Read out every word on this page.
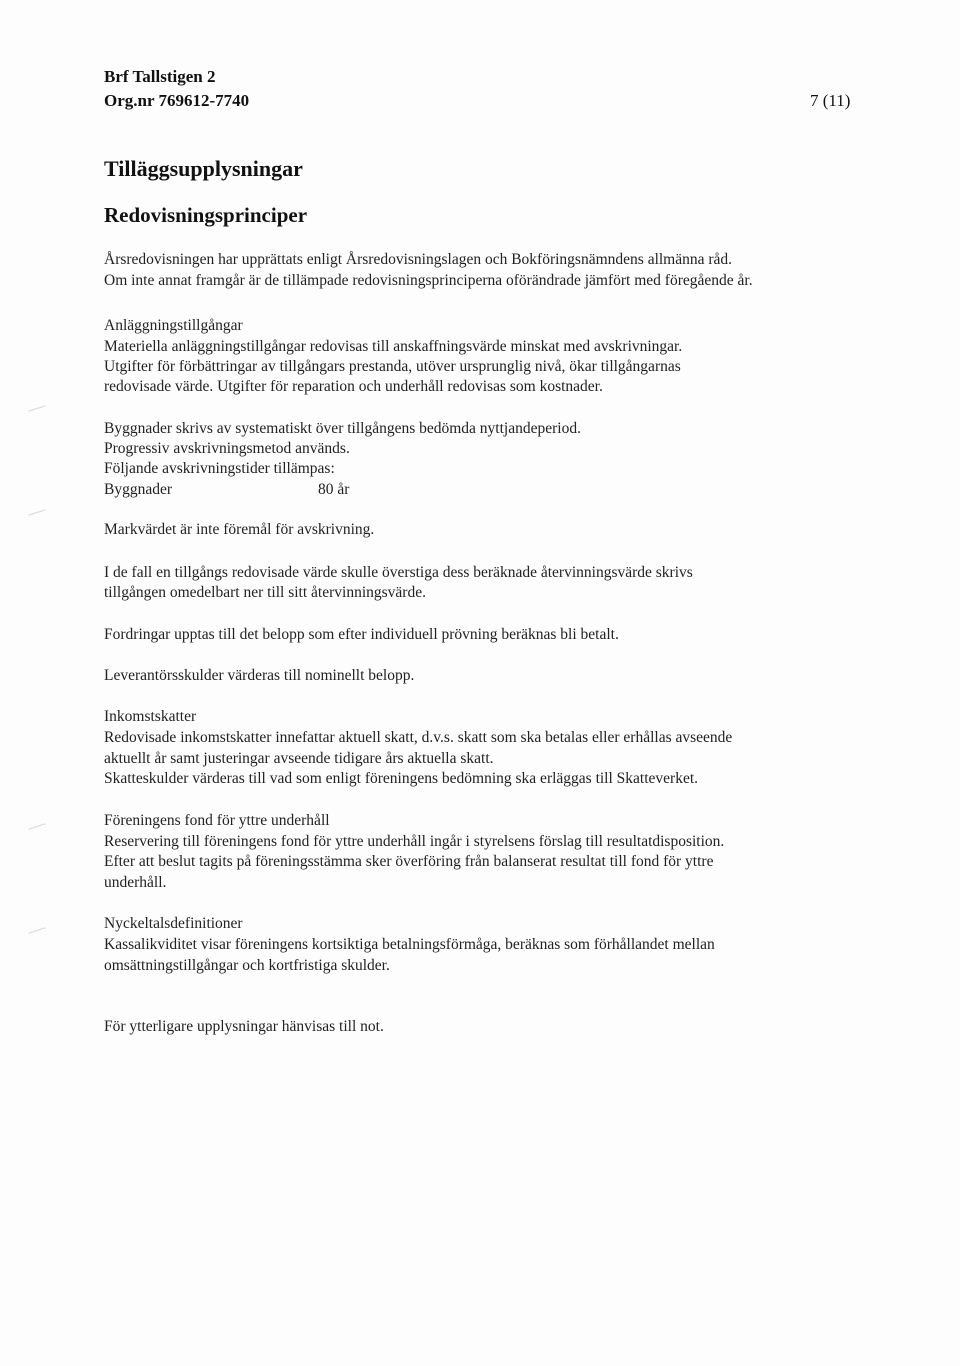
Brf Tallstigen 2
Org.nr 769612-7740	7 (11)
Tilläggsupplysningar
Redovisningsprinciper
Årsredovisningen har upprättats enligt Årsredovisningslagen och Bokföringsnämndens allmänna råd.
Om inte annat framgår är de tillämpade redovisningsprinciperna oförändrade jämfört med föregående år.
Anläggningstillgångar
Materiella anläggningstillgångar redovisas till anskaffningsvärde minskat med avskrivningar.
Utgifter för förbättringar av tillgångars prestanda, utöver ursprunglig nivå, ökar tillgångarnas
redovisade värde. Utgifter för reparation och underhåll redovisas som kostnader.
Byggnader skrivs av systematiskt över tillgångens bedömda nyttjandeperiod.
Progressiv avskrivningsmetod används.
Följande avskrivningstider tillämpas:
Byggnader	80 år
Markvärdet är inte föremål för avskrivning.
I de fall en tillgångs redovisade värde skulle överstiga dess beräknade återvinningsvärde skrivs
tillgången omedelbart ner till sitt återvinningsvärde.
Fordringar upptas till det belopp som efter individuell prövning beräknas bli betalt.
Leverantörsskulder värderas till nominellt belopp.
Inkomstskatter
Redovisade inkomstskatter innefattar aktuell skatt, d.v.s. skatt som ska betalas eller erhållas avseende
aktuellt år samt justeringar avseende tidigare års aktuella skatt.
Skatteskulder värderas till vad som enligt föreningens bedömning ska erläggas till Skatteverket.
Föreningens fond för yttre underhåll
Reservering till föreningens fond för yttre underhåll ingår i styrelsens förslag till resultatdisposition.
Efter att beslut tagits på föreningsstämma sker överföring från balanserat resultat till fond för yttre
underhåll.
Nyckeltalsdefinitioner
Kassalikviditet visar föreningens kortsiktiga betalningsförmåga, beräknas som förhållandet mellan
omsättningstillgångar och kortfristiga skulder.
För ytterligare upplysningar hänvisas till not.
